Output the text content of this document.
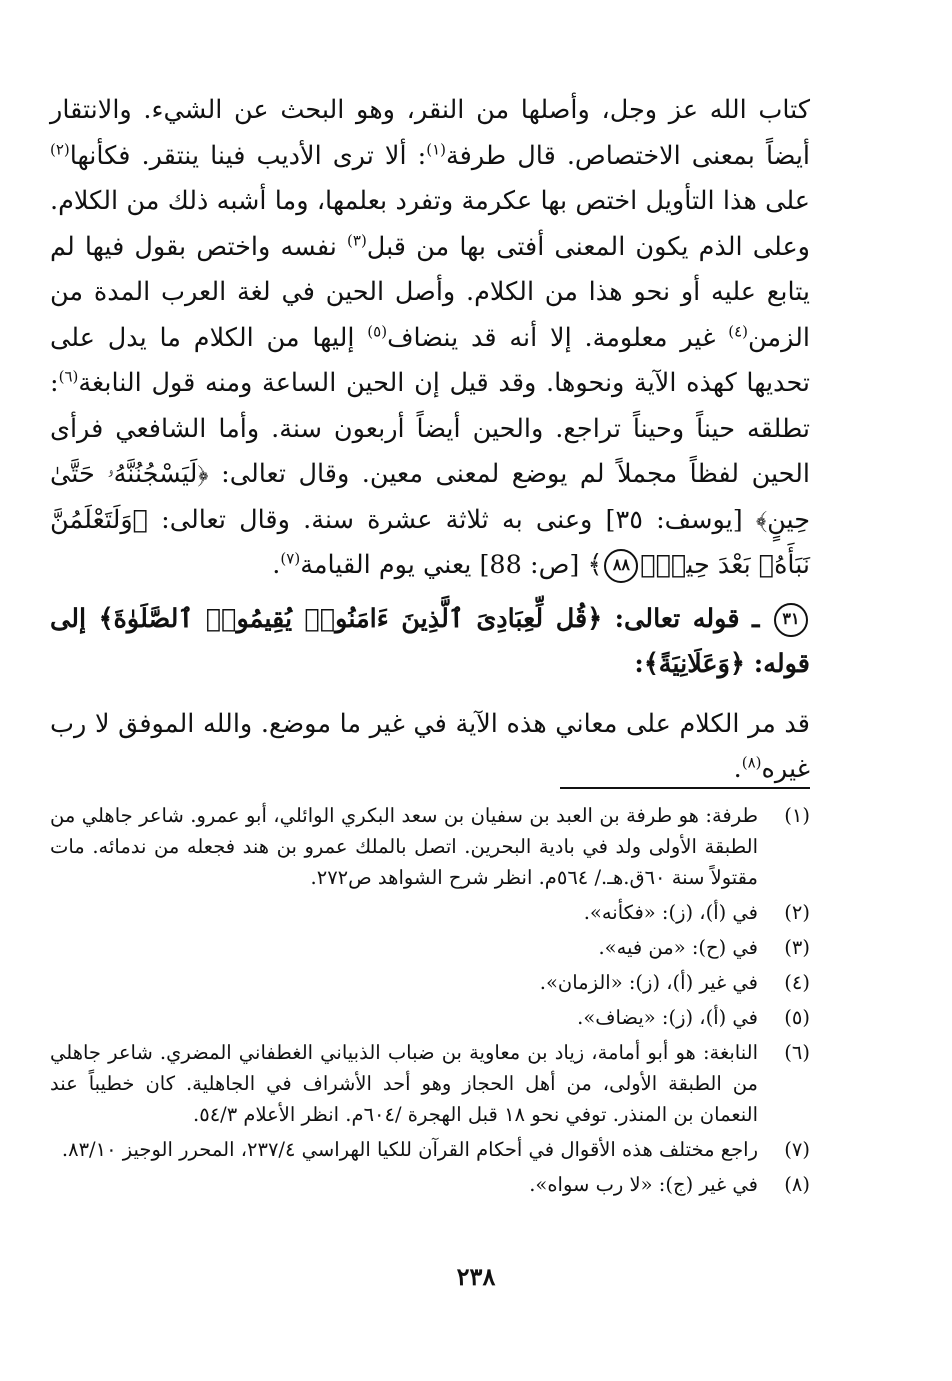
كتاب الله عز وجل، وأصلها من النقر، وهو البحث عن الشيء. والانتقار أيضاً بمعنى الاختصاص. قال طرفة$^{(١)}$: ألا ترى الأديب فينا ينتقر. فكأنها$^{(٢)}$ على هذا التأويل اختص بها عكرمة وتفرد بعلمها، وما أشبه ذلك من الكلام. وعلى الذم يكون المعنى أفتى بها من قبل$^{(٣)}$ نفسه واختص بقول فيها لم يتابع عليه أو نحو هذا من الكلام. وأصل الحين في لغة العرب المدة من الزمن$^{(٤)}$ غير معلومة. إلا أنه قد ينضاف$^{(٥)}$ إليها من الكلام ما يدل على تحديها كهذه الآية ونحوها. وقد قيل إن الحين الساعة ومنه قول النابغة$^{(٦)}$: تطلقه حيناً وحيناً تراجع. والحين أيضاً أربعون سنة. وأما الشافعي فرأى الحين لفظاً مجملاً لم يوضع لمعنى معين. وقال تعالى: ﴿لَيَسْجُنُنَّهُۥ حَتَّىٰ حِينٍ﴾ [يوسف: ٣٥] وعنى به ثلاثة عشرة سنة. وقال تعالى: ﴿وَلَتَعْلَمُنَّ نَبَأَهُۥ بَعْدَ حِينٍۭ٨٨﴾ [ص: 88] يعني يوم القيامة$^{(٧)}$.

٣١ ـ قوله تعالى: ﴿قُل لِّعِبَادِىَ ٱلَّذِينَ ءَامَنُوا۟ يُقِيمُوا۟ ٱلصَّلَوٰةَ﴾ إلى قوله: ﴿وَعَلَانِيَةً﴾:

قد مر الكلام على معاني هذه الآية في غير ما موضع. والله الموفق لا رب غيره$^{(٨)}$.

(١)
طرفة: هو طرفة بن العبد بن سفيان بن سعد البكري الوائلي، أبو عمرو. شاعر جاهلي من الطبقة الأولى ولد في بادية البحرين. اتصل بالملك عمرو بن هند فجعله من ندمائه. مات مقتولاً سنة ٦٠ق.هـ./ ٥٦٤م. انظر شرح الشواهد ص٢٧٢.
(٢)
في (أ)، (ز): «فكأنه».
(٣)
في (ح): «من فيه».
(٤)
في غير (أ)، (ز): «الزمان».
(٥)
في (أ)، (ز): «يضاف».
(٦)
النابغة: هو أبو أمامة، زياد بن معاوية بن ضباب الذبياني الغطفاني المضري. شاعر جاهلي من الطبقة الأولى، من أهل الحجاز وهو أحد الأشراف في الجاهلية. كان خطيباً عند النعمان بن المنذر. توفي نحو ١٨ قبل الهجرة /٦٠٤م. انظر الأعلام ٥٤/٣.
(٧)
راجع مختلف هذه الأقوال في أحكام القرآن للكيا الهراسي ٢٣٧/٤، المحرر الوجيز ٨٣/١٠.
(٨)
في غير (ج): «لا رب سواه».
٢٣٨
